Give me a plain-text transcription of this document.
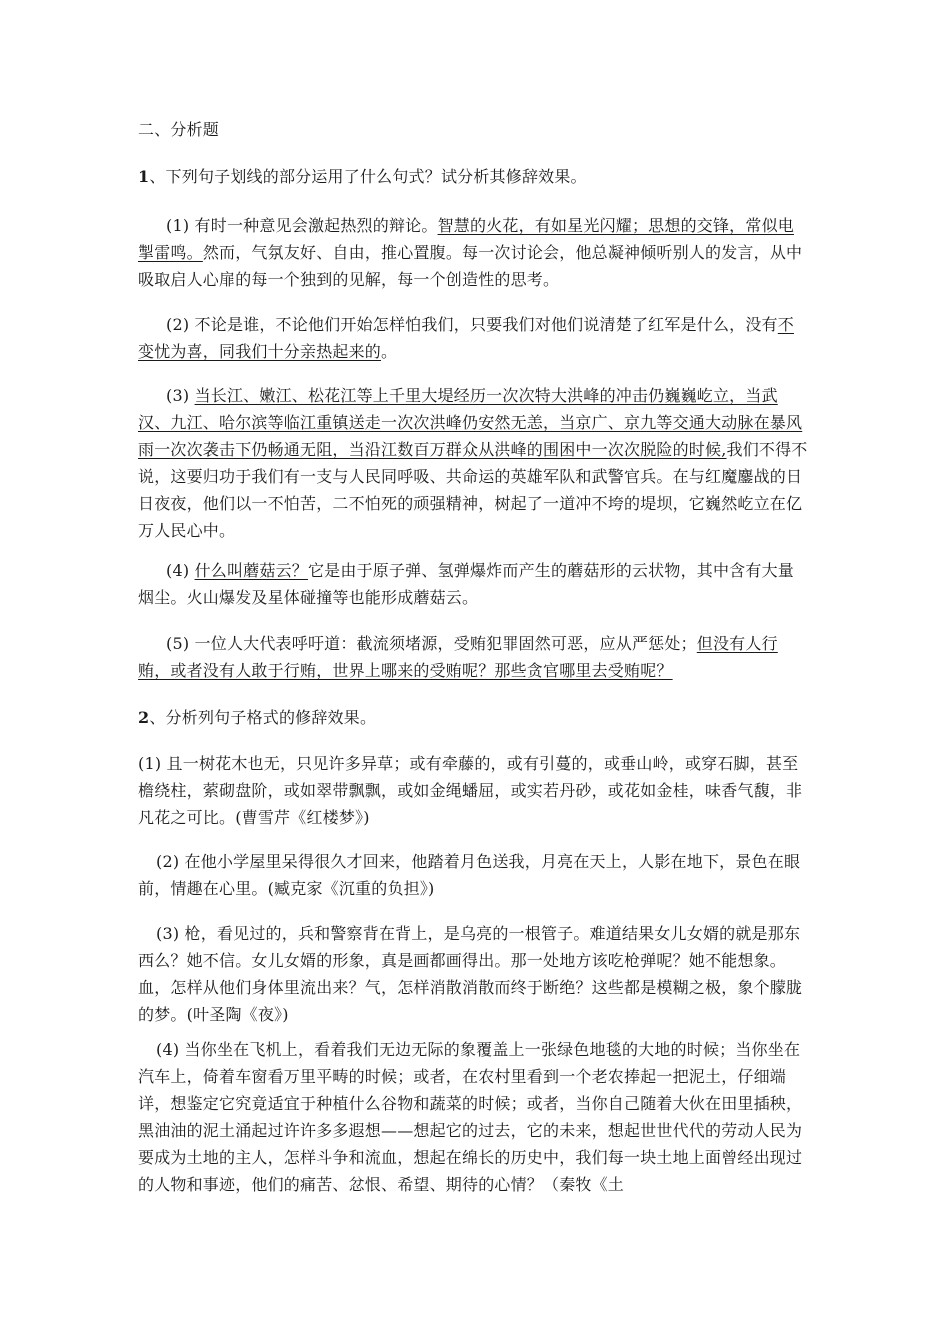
二、分析题

1、下列句子划线的部分运用了什么句式？试分析其修辞效果。

(1) 有时一种意见会激起热烈的辩论。智慧的火花，有如星光闪耀；思想的交锋，常似电掣雷鸣。然而，气氛友好、自由，推心置腹。每一次讨论会，他总凝神倾听别人的发言，从中吸取启人心扉的每一个独到的见解，每一个创造性的思考。

(2) 不论是谁，不论他们开始怎样怕我们，只要我们对他们说清楚了红军是什么，没有不变忧为喜，同我们十分亲热起来的。

(3) 当长江、嫩江、松花江等上千里大堤经历一次次特大洪峰的冲击仍巍巍屹立，当武汉、九江、哈尔滨等临江重镇送走一次次洪峰仍安然无恙，当京广、京九等交通大动脉在暴风雨一次次袭击下仍畅通无阻，当沿江数百万群众从洪峰的围困中一次次脱险的时候,我们不得不说，这要归功于我们有一支与人民同呼吸、共命运的英雄军队和武警官兵。在与红魔鏖战的日日夜夜，他们以一不怕苦，二不怕死的顽强精神，树起了一道冲不垮的堤坝，它巍然屹立在亿万人民心中。

(4) 什么叫蘑菇云？它是由于原子弹、氢弹爆炸而产生的蘑菇形的云状物，其中含有大量烟尘。火山爆发及星体碰撞等也能形成蘑菇云。

(5) 一位人大代表呼吁道：截流须堵源，受贿犯罪固然可恶，应从严惩处；但没有人行贿，或者没有人敢于行贿，世界上哪来的受贿呢？那些贪官哪里去受贿呢？

2、分析列句子格式的修辞效果。

(1) 且一树花木也无，只见许多异草；或有牵藤的，或有引蔓的，或垂山岭，或穿石脚，甚至檐绕柱，萦砌盘阶，或如翠带飘飘，或如金绳蟠屈，或实若丹砂，或花如金桂，味香气馥，非凡花之可比。(曹雪芹《红楼梦》)

(2) 在他小学屋里呆得很久才回来，他踏着月色送我，月亮在天上，人影在地下，景色在眼前，情趣在心里。(臧克家《沉重的负担》)

(3) 枪，看见过的，兵和警察背在背上，是乌亮的一根管子。难道结果女儿女婿的就是那东西么？她不信。女儿女婿的形象，真是画都画得出。那一处地方该吃枪弹呢？她不能想象。血，怎样从他们身体里流出来？气，怎样消散消散而终于断绝？这些都是模糊之极，象个朦胧的梦。(叶圣陶《夜》)

(4) 当你坐在飞机上，看着我们无边无际的象覆盖上一张绿色地毯的大地的时候；当你坐在汽车上，倚着车窗看万里平畴的时候；或者，在农村里看到一个老农捧起一把泥土，仔细端详，想鉴定它究竟适宜于种植什么谷物和蔬菜的时候；或者，当你自己随着大伙在田里插秧，黑油油的泥土涌起过许许多多遐想——想起它的过去，它的未来，想起世世代代的劳动人民为要成为土地的主人，怎样斗争和流血，想起在绵长的历史中，我们每一块土地上面曾经出现过的人物和事迹，他们的痛苦、忿恨、希望、期待的心情？（秦牧《土
